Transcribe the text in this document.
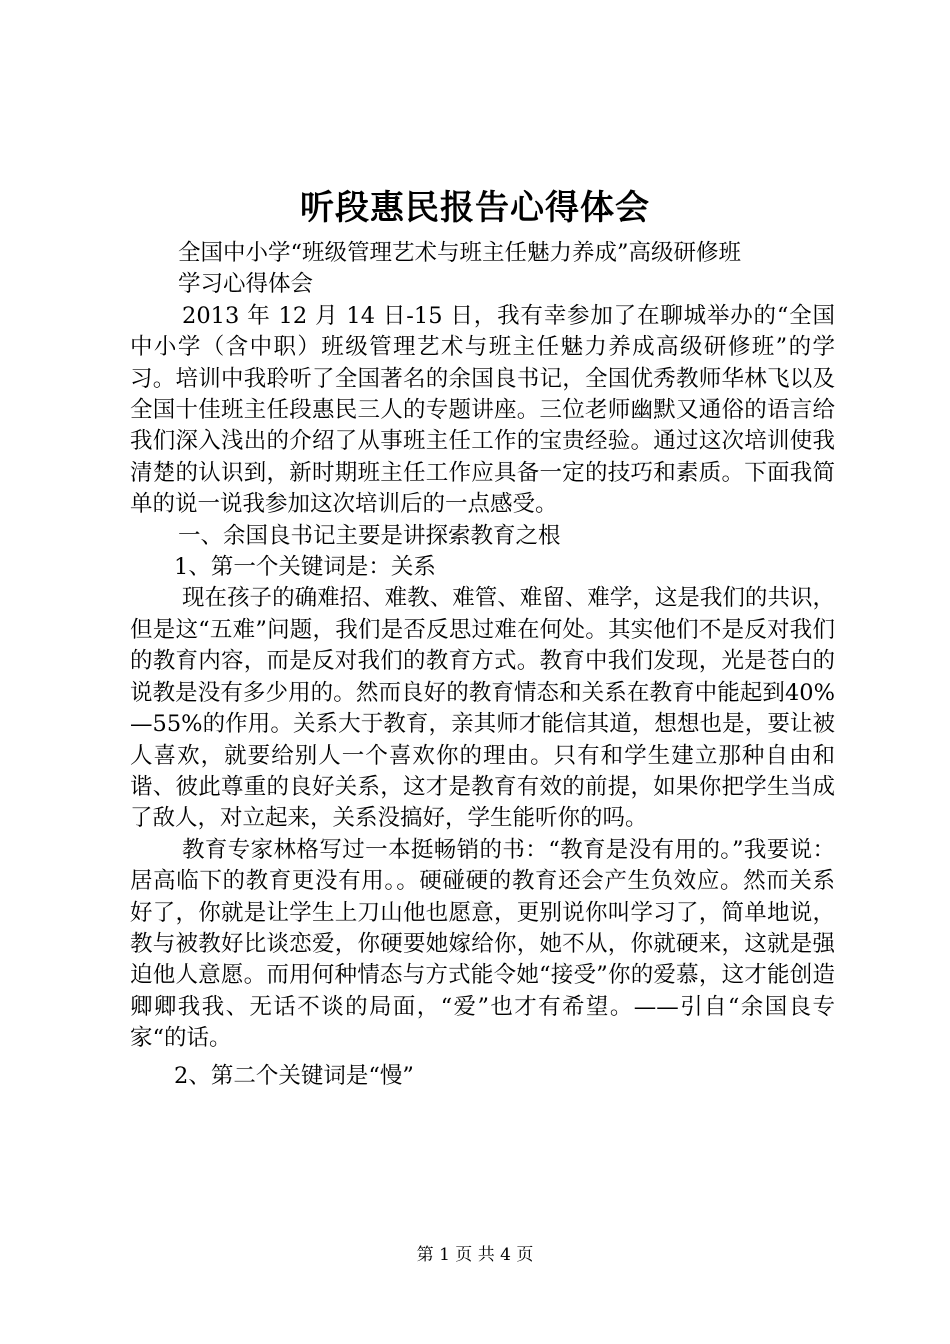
听段惠民报告心得体会

全国中小学“班级管理艺术与班主任魅力养成”高级研修班

学习心得体会

2013 年 12 月 14 日-15 日，我有幸参加了在聊城举办的“全国中小学（含中职）班级管理艺术与班主任魅力养成高级研修班”的学习。培训中我聆听了全国著名的余国良书记，全国优秀教师华林飞以及全国十佳班主任段惠民三人的专题讲座。三位老师幽默又通俗的语言给我们深入浅出的介绍了从事班主任工作的宝贵经验。通过这次培训使我清楚的认识到，新时期班主任工作应具备一定的技巧和素质。下面我简单的说一说我参加这次培训后的一点感受。

一、余国良书记主要是讲探索教育之根

1、第一个关键词是：关系

现在孩子的确难招、难教、难管、难留、难学，这是我们的共识，但是这“五难”问题，我们是否反思过难在何处。其实他们不是反对我们的教育内容，而是反对我们的教育方式。教育中我们发现，光是苍白的说教是没有多少用的。然而良好的教育情态和关系在教育中能起到40%—55%的作用。关系大于教育，亲其师才能信其道，想想也是，要让被人喜欢，就要给别人一个喜欢你的理由。只有和学生建立那种自由和谐、彼此尊重的良好关系，这才是教育有效的前提，如果你把学生当成了敌人，对立起来，关系没搞好，学生能听你的吗。

教育专家林格写过一本挺畅销的书：“教育是没有用的。”我要说：居高临下的教育更没有用。。硬碰硬的教育还会产生负效应。然而关系好了，你就是让学生上刀山他也愿意，更别说你叫学习了，简单地说，教与被教好比谈恋爱，你硬要她嫁给你，她不从，你就硬来，这就是强迫他人意愿。而用何种情态与方式能令她“接受”你的爱慕，这才能创造卿卿我我、无话不谈的局面，“爱”也才有希望。——引自“余国良专家“的话。

2、第二个关键词是“慢”

第 1 页 共 4 页
